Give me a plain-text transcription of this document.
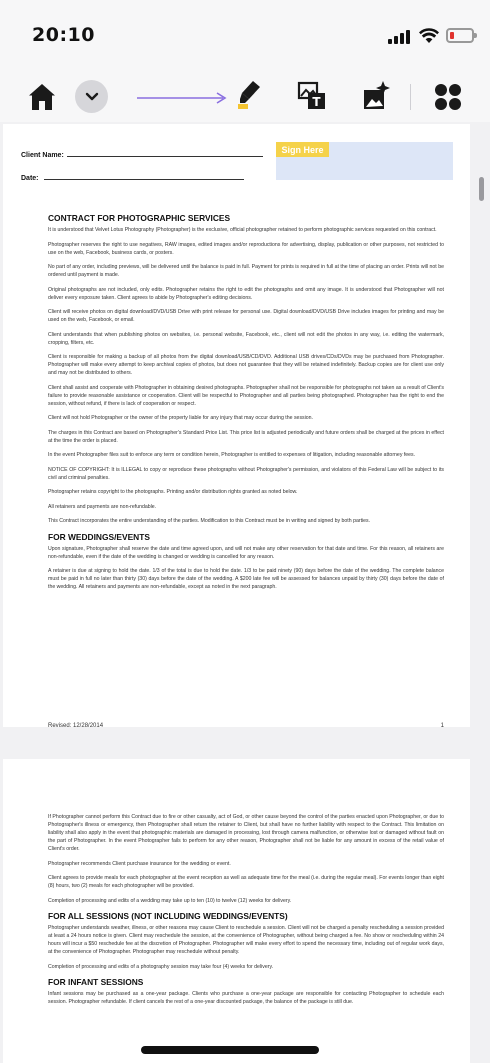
20:10
T
Client Name:
Date:
Sign Here
CONTRACT FOR PHOTOGRAPHIC SERVICES
It is understood that Velvet Lotus Photography (Photographer) is the exclusive, official photographer retained to perform photographic services requested on this contract.
Photographer reserves the right to use negatives, RAW images, edited images and/or reproductions for advertising, display, publication or other purposes, not restricted to use on the web, Facebook, business cards, or posters.
No part of any order, including previews, will be delivered until the balance is paid in full. Payment for prints is required in full at the time of placing an order. Prints will not be ordered until payment is made.
Original photographs are not included, only edits. Photographer retains the right to edit the photographs and omit any image. It is understood that Photographer will not deliver every exposure taken. Client agrees to abide by Photographer's editing decisions.
Client will receive photos on digital download/DVD/USB Drive with print release for personal use. Digital download/DVD/USB Drive includes images for printing and may be used on the web, Facebook, or email.
Client understands that when publishing photos on websites, i.e. personal website, Facebook, etc., client will not edit the photos in any way, i.e. editing the watermark, cropping, filters, etc.
Client is responsible for making a backup of all photos from the digital download/USB/CD/DVD. Additional USB drives/CDs/DVDs may be purchased from Photographer. Photographer will make every attempt to keep archival copies of photos, but does not guarantee that they will be retained indefinitely. Backup copies are for client use only and may not be distributed to others.
Client shall assist and cooperate with Photographer in obtaining desired photographs. Photographer shall not be responsible for photographs not taken as a result of Client's failure to provide reasonable assistance or cooperation. Client will be respectful to Photographer and all parties being photographed. Photographer has the right to end the session, without refund, if there is lack of cooperation or respect.
Client will not hold Photographer or the owner of the property liable for any injury that may occur during the session.
The charges in this Contract are based on Photographer's Standard Price List. This price list is adjusted periodically and future orders shall be charged at the prices in effect at the time the order is placed.
In the event Photographer files suit to enforce any term or condition herein, Photographer is entitled to expenses of litigation, including reasonable attorney fees.
NOTICE OF COPYRIGHT: It is ILLEGAL to copy or reproduce these photographs without Photographer's permission, and violators of this Federal Law will be subject to its civil and criminal penalties.
Photographer retains copyright to the photographs. Printing and/or distribution rights granted as noted below.
All retainers and payments are non-refundable.
This Contract incorporates the entire understanding of the parties. Modification to this Contract must be in writing and signed by both parties.
FOR WEDDINGS/EVENTS
Upon signature, Photographer shall reserve the date and time agreed upon, and will not make any other reservation for that date and time. For this reason, all retainers are non-refundable, even if the date of the wedding is changed or wedding is cancelled for any reason.
A retainer is due at signing to hold the date. 1/3 of the total is due to hold the date. 1/3 to be paid ninety (90) days before the date of the wedding. The complete balance must be paid in full no later than thirty (30) days before the date of the wedding. A $200 late fee will be assessed for balances unpaid by thirty (30) days before the date of the wedding. All retainers and payments are non-refundable, except as noted in the next paragraph.
Revised: 12/28/2014	1
If Photographer cannot perform this Contract due to fire or other casualty, act of God, or other cause beyond the control of the parties enacted upon Photographer, or due to Photographer's illness or emergency, then Photographer shall return the retainer to Client, but shall have no further liability with respect to the Contract. This limitation on liability shall also apply in the event that photographic materials are damaged in processing, lost through camera malfunction, or otherwise lost or damaged without fault on the part of Photographer. In the event Photographer fails to perform for any other reason, Photographer shall not be liable for any amount in excess of the retail value of Client's order.
Photographer recommends Client purchase insurance for the wedding or event.
Client agrees to provide meals for each photographer at the event reception as well as adequate time for the meal (i.e. during the regular meal). For events longer than eight (8) hours, two (2) meals for each photographer will be provided.
Completion of processing and edits of a wedding may take up to ten (10) to twelve (12) weeks for delivery.
FOR ALL SESSIONS (NOT INCLUDING WEDDINGS/EVENTS)
Photographer understands weather, illness, or other reasons may cause Client to reschedule a session. Client will not be charged a penalty rescheduling a session provided at least a 24 hours notice is given. Client may reschedule the session, at the convenience of Photographer, without being charged a fee. No show or rescheduling within 24 hours will incur a $50 reschedule fee at the discretion of Photographer. Photographer will make every effort to spend the necessary time, including out of regular work days, at the convenience of Photographer. Photographer may reschedule without penalty.
Completion of processing and edits of a photography session may take four (4) weeks for delivery.
FOR INFANT SESSIONS
Infant sessions may be purchased as a one-year package. Clients who purchase a one-year package are responsible for contacting Photographer to schedule each session. Photographer refundable. If client cancels the rest of a one-year discounted package, the balance of the package is still due.
